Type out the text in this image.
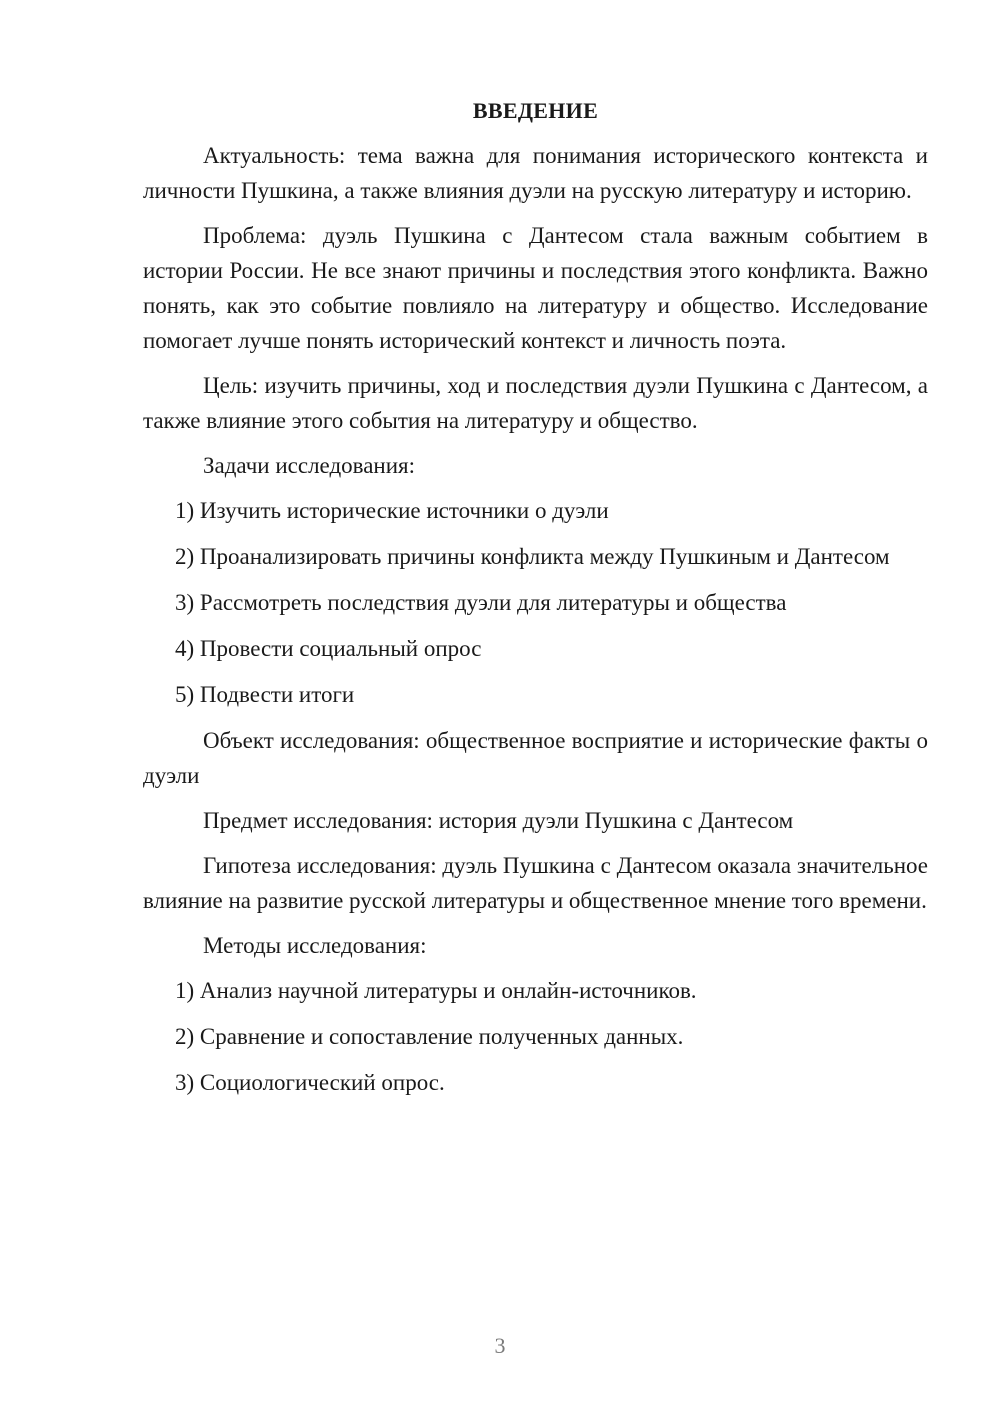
ВВЕДЕНИЕ
Актуальность: тема важна для понимания исторического контекста и личности Пушкина, а также влияния дуэли на русскую литературу и историю.
Проблема: дуэль Пушкина с Дантесом стала важным событием в истории России. Не все знают причины и последствия этого конфликта. Важно понять, как это событие повлияло на литературу и общество. Исследование помогает лучше понять исторический контекст и личность поэта.
Цель: изучить причины, ход и последствия дуэли Пушкина с Дантесом, а также влияние этого события на литературу и общество.
Задачи исследования:
1) Изучить исторические источники о дуэли
2) Проанализировать причины конфликта между Пушкиным и Дантесом
3) Рассмотреть последствия дуэли для литературы и общества
4) Провести социальный опрос
5) Подвести итоги
Объект исследования: общественное восприятие и исторические факты о дуэли
Предмет исследования: история дуэли Пушкина с Дантесом
Гипотеза исследования: дуэль Пушкина с Дантесом оказала значительное влияние на развитие русской литературы и общественное мнение того времени.
Методы исследования:
1) Анализ научной литературы и онлайн-источников.
2) Сравнение и сопоставление полученных данных.
3) Социологический опрос.
3
